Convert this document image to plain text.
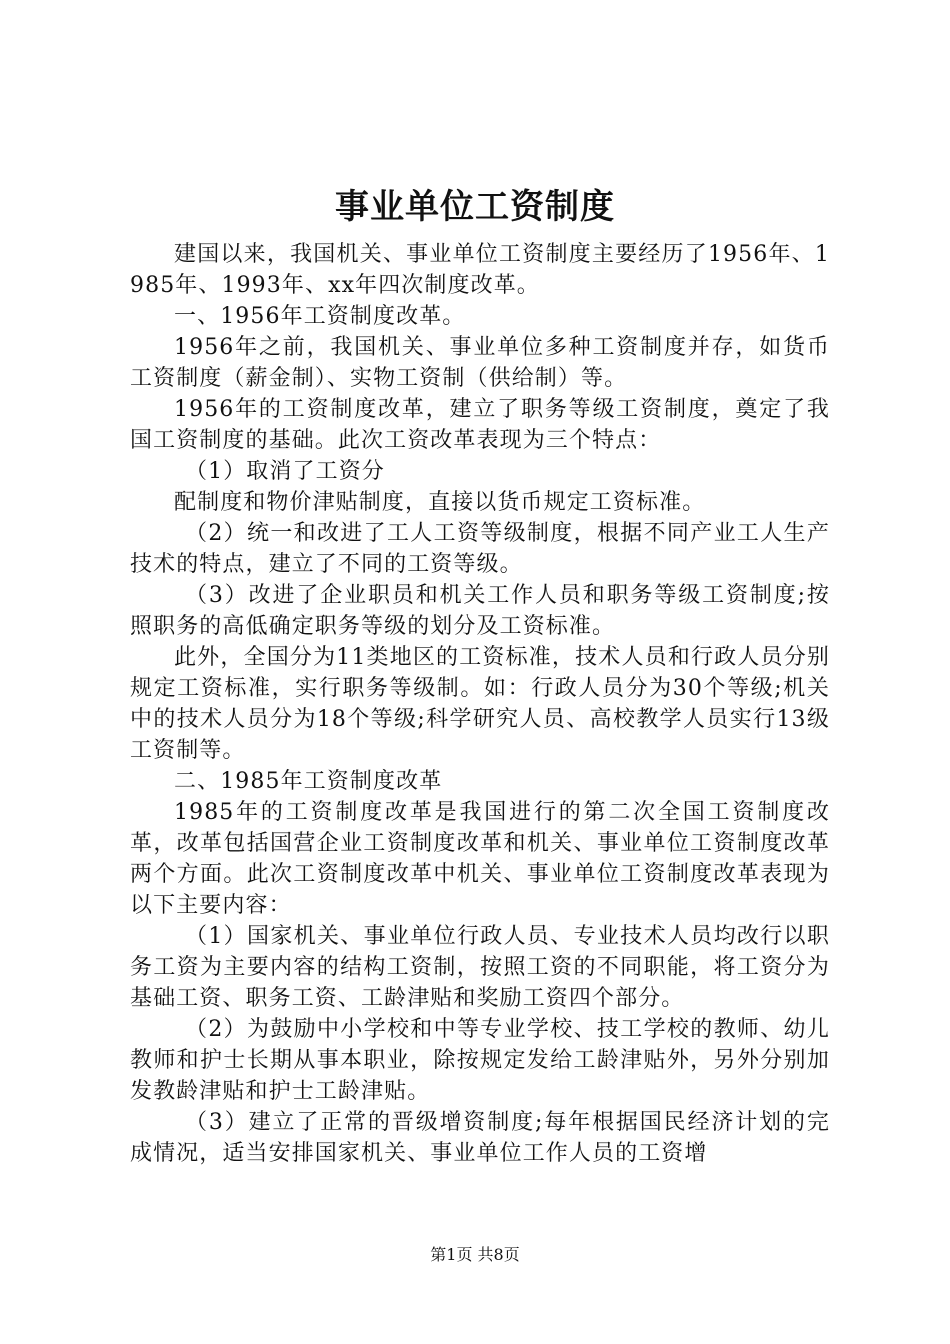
事业单位工资制度

建国以来，我国机关、事业单位工资制度主要经历了1956年、1985年、1993年、xx年四次制度改革。

一、1956年工资制度改革。

1956年之前，我国机关、事业单位多种工资制度并存，如货币工资制度（薪金制）、实物工资制（供给制）等。

1956年的工资制度改革，建立了职务等级工资制度，奠定了我国工资制度的基础。此次工资改革表现为三个特点：

（1）取消了工资分

配制度和物价津贴制度，直接以货币规定工资标准。

（2）统一和改进了工人工资等级制度，根据不同产业工人生产技术的特点，建立了不同的工资等级。

（3）改进了企业职员和机关工作人员和职务等级工资制度;按照职务的高低确定职务等级的划分及工资标准。

此外，全国分为11类地区的工资标准，技术人员和行政人员分别规定工资标准，实行职务等级制。如：行政人员分为30个等级;机关中的技术人员分为18个等级;科学研究人员、高校教学人员实行13级工资制等。

二、1985年工资制度改革

1985年的工资制度改革是我国进行的第二次全国工资制度改革，改革包括国营企业工资制度改革和机关、事业单位工资制度改革两个方面。此次工资制度改革中机关、事业单位工资制度改革表现为以下主要内容：

（1）国家机关、事业单位行政人员、专业技术人员均改行以职务工资为主要内容的结构工资制，按照工资的不同职能，将工资分为基础工资、职务工资、工龄津贴和奖励工资四个部分。

（2）为鼓励中小学校和中等专业学校、技工学校的教师、幼儿教师和护士长期从事本职业，除按规定发给工龄津贴外，另外分别加发教龄津贴和护士工龄津贴。

（3）建立了正常的晋级增资制度;每年根据国民经济计划的完成情况，适当安排国家机关、事业单位工作人员的工资增

第1页 共8页
